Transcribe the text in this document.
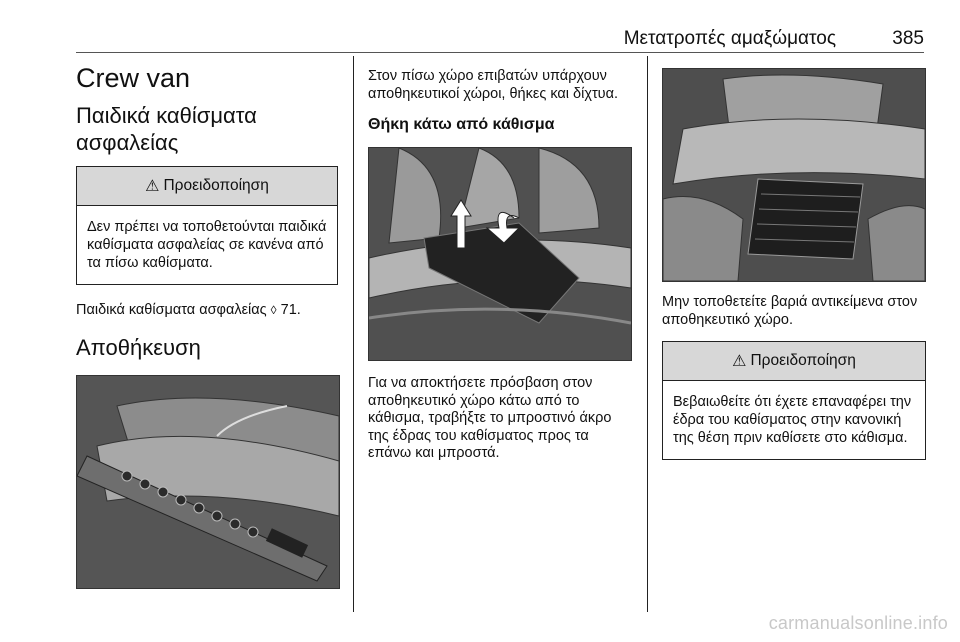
Μετατροπές αμαξώματος	385
Crew van
Παιδικά καθίσματα ασφαλείας
⚠ Προειδοποίηση
Δεν πρέπει να τοποθετούνται παιδικά καθίσματα ασφαλείας σε κανένα από τα πίσω καθίσματα.

Παιδικά καθίσματα ασφαλείας ◊ 71.

Αποθήκευση

Στον πίσω χώρο επιβατών υπάρχουν αποθηκευτικοί χώροι, θήκες και δίχτυα.

Θήκη κάτω από κάθισμα

Για να αποκτήσετε πρόσβαση στον αποθηκευτικό χώρο κάτω από το κάθισμα, τραβήξτε το μπροστινό άκρο της έδρας του καθίσματος προς τα επάνω και μπροστά.

Μην τοποθετείτε βαριά αντικείμενα στον αποθηκευτικό χώρο.

⚠ Προειδοποίηση
Βεβαιωθείτε ότι έχετε επαναφέρει την έδρα του καθίσματος στην κανονική της θέση πριν καθίσετε στο κάθισμα.
carmanualsonline.info
